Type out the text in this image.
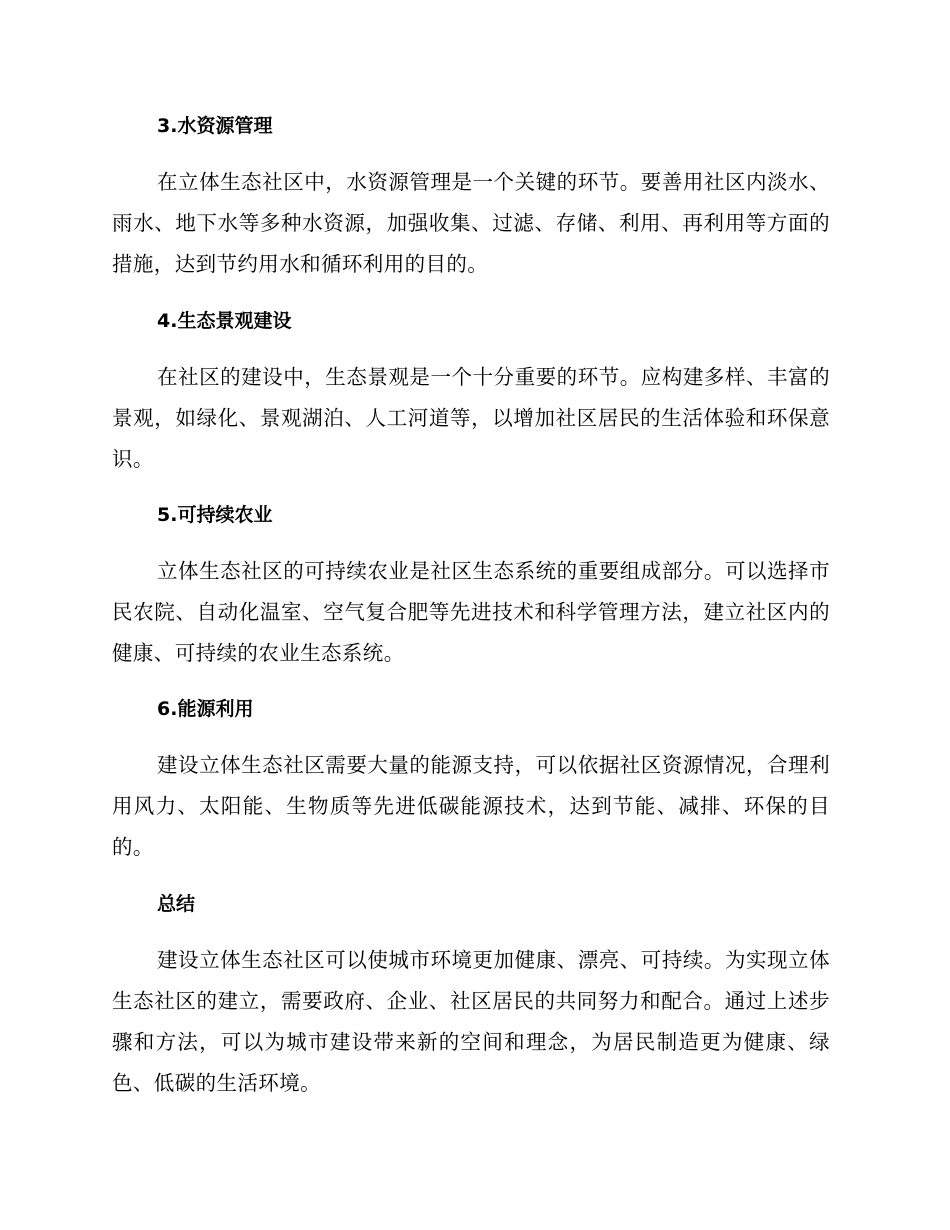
3.水资源管理

在立体生态社区中，水资源管理是一个关键的环节。要善用社区内淡水、雨水、地下水等多种水资源，加强收集、过滤、存储、利用、再利用等方面的措施，达到节约用水和循环利用的目的。

4.生态景观建设

在社区的建设中，生态景观是一个十分重要的环节。应构建多样、丰富的景观，如绿化、景观湖泊、人工河道等，以增加社区居民的生活体验和环保意识。

5.可持续农业

立体生态社区的可持续农业是社区生态系统的重要组成部分。可以选择市民农院、自动化温室、空气复合肥等先进技术和科学管理方法，建立社区内的健康、可持续的农业生态系统。

6.能源利用

建设立体生态社区需要大量的能源支持，可以依据社区资源情况，合理利用风力、太阳能、生物质等先进低碳能源技术，达到节能、减排、环保的目的。

总结

建设立体生态社区可以使城市环境更加健康、漂亮、可持续。为实现立体生态社区的建立，需要政府、企业、社区居民的共同努力和配合。通过上述步骤和方法，可以为城市建设带来新的空间和理念，为居民制造更为健康、绿色、低碳的生活环境。
